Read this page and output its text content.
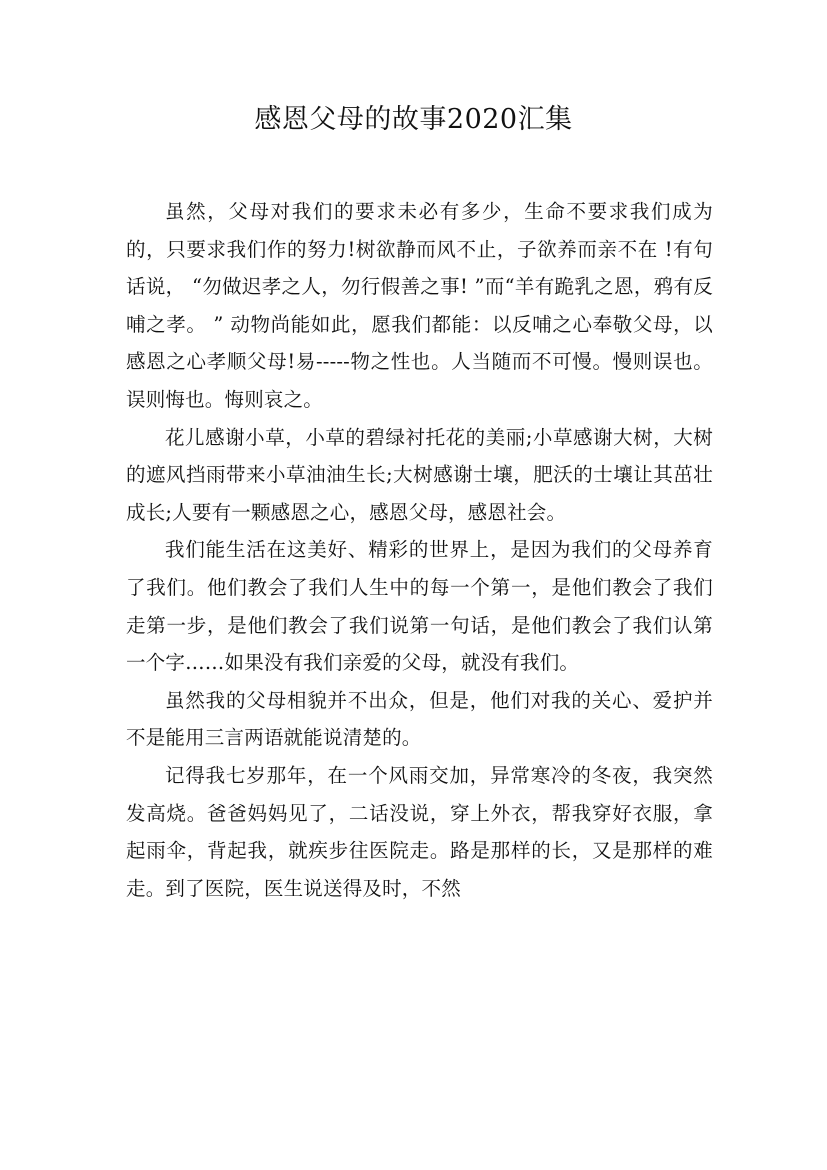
感恩父母的故事2020汇集

虽然，父母对我们的要求未必有多少，生命不要求我们成为的，只要求我们作的努力!树欲静而风不止，子欲养而亲不在 !有句话说， “勿做迟孝之人，勿行假善之事! ”而“羊有跪乳之恩，鸦有反哺之孝。 ” 动物尚能如此，愿我们都能：以反哺之心奉敬父母，以感恩之心孝顺父母!易-----物之性也。人当随而不可慢。慢则误也。误则悔也。悔则哀之。

花儿感谢小草，小草的碧绿衬托花的美丽;小草感谢大树，大树的遮风挡雨带来小草油油生长;大树感谢士壤，肥沃的士壤让其茁壮成长;人要有一颗感恩之心，感恩父母，感恩社会。

我们能生活在这美好、精彩的世界上，是因为我们的父母养育了我们。他们教会了我们人生中的每一个第一，是他们教会了我们走第一步，是他们教会了我们说第一句话，是他们教会了我们认第一个字……如果没有我们亲爱的父母，就没有我们。

虽然我的父母相貌并不出众，但是，他们对我的关心、爱护并不是能用三言两语就能说清楚的。

记得我七岁那年，在一个风雨交加，异常寒冷的冬夜，我突然发高烧。爸爸妈妈见了，二话没说，穿上外衣，帮我穿好衣服，拿起雨伞，背起我，就疾步往医院走。路是那样的长，又是那样的难走。到了医院，医生说送得及时，不然
